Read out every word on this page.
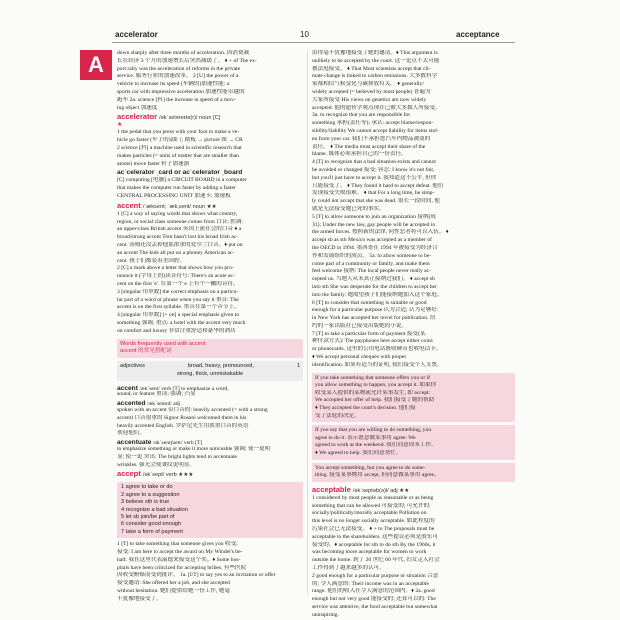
accelerator	10	acceptance
A	down sharply after three months of acceleration. 因消费减
长在经济 3 个月的加速增长后突然减缓了。 ♦ + of The ex-
port rally was the acceleration of reforms in the private
service. 服务行业的加速改革。 2 [U] the power of a
vehicle to increase its speed (车辆的)加速性能: a
sports car with impressive acceleration 加速性能卓越的
跑车 2a. science [科] the increase in speed of a mov-
ing object 加速度
accelerator /əkˈseləreɪtə(r)/ noun [C]
★
1 the pedal that you press with your foot to make a ve-
hicle go faster (车子的)油门; 踏板 → picture 图 → CR
2 science [科] a machine used in scientific research that
makes particles (= units of matter that are smaller than
atoms) move faster 粒子加速器
acˈcelerator ˌcard or acˈcelerator ˌboard
[C] computing [电脑] a CIRCUIT BOARD in a computer
that makes the computer run faster by adding a faster
CENTRAL PROCESSING UNIT 加速卡; 加速板
accent /ˈæksent; ˈæk,sent/ noun ★★
1 [C] a way of saying words that shows what country,
region, or social class someone comes from 口音; 腔调:
an upper-class British accent 英国上流社会的口音 ♦ a
broad/strong accent Tom hasn't lost his broad Irish ac-
cent. 汤姆还没丢掉他那浓重的爱尔兰口音。♦ put on
an accent The kids all put on a phoney American ac-
cent. 孩子们都装着美国腔。
2 [C] a mark above a letter that shows how you pro-
nounce it (字母上的)读音符号: There's an acute ac-
cent on the first 'e'. 在第一个 e 上有个一撇的音符。
3 [singular 用单数] the correct emphasis on a particu-
lar part of a word or phrase when you say it 重音: The
accent is on the first syllable. 重音在第一个音节上。
4 [singular 用单数] [+ on] a special emphasis given to
something 强调; 重点: a hotel with the accent very much
on comfort and luxury 非常注重舒适和豪华的酒店
Words frequently used with accent
accent 的常见搭配词
adjectives	broad, heavy, pronounced,	1
strong, thick, unmistakable
accent /ækˈsent/ verb [T] to emphasize a word,
sound, or feature 重读; 强调; 凸显
accented /ækˈsentɪd/ adj
spoken with an accent 带口音的: heavily accented (= with a strong
accent) 口音很重的 Signor Rosani welcomed them in his
heavily accented English. 罗萨尼先生用浓重口音的英语
欢迎他们。
accentuate /əkˈsentʃueɪt/ verb [T]
to emphasize something or make it more noticeable 强调; 使一更明
显; 使一更 突出: The bright lights tend to accentuate
wrinkles. 强光会使皱纹更明显。
accept /əkˈsept/ verb ★★★
1 agree to take or do
2 agree to a suggestion
3 believe sth is true
4 recognize a bad situation
5 let sb join/be part of
6 consider good enough
7 take a form of payment
1 [T] to take something that someone gives you 收受;
接受: I am here to accept the award on My Windel's be-
half. 我在这里代表温德来接受这个奖。♦ Some hos-
pitals have been criticized for accepting bribes. 有些医院
因收受贿赂而受到批评。 1a. [I/T] to say yes to an invitation or offer
接受邀请: She offered her a job, and she accepted
without hesitation. 她们提供给她一份工作, 她毫
不犹豫地接受了。
由得毫不犹豫地接受了她的邀请。♦ This argument is
unlikely to be accepted by the court. 这一论点不太可能
被法庭接受。 ♦ That Most scientists accept that cli-
mate change is linked to carbon emissions. 大多数科学
家都相信气候变化与碳排放有关。 ♦ generally/
widely accepted (= believed by most people) 普遍为
大家所接受 His views on genetics are now widely
accepted. 他的遗传学观点现在已被大多数人所接受。
3a. to recognize that you are responsible for
something 承担(责任等); 承认: accept blame/respon-
sibility/liability We cannot accept liability for items stol-
en from your car. 我们不承担您汽车内物品被盗的
责任。 ♦ The media must accept their share of the
blame. 媒体必须承担自己的一份责任。
4 [T] to recognize that a bad situation exists and cannot
be avoided or changed 接受; 容忍: I know it's not fair,
but you'll just have to accept it. 我知道这不公平, 但你
只能接受了。 ♦ They found it hard to accept defeat. 他们
发现接受失败很难。 ♦ that For a long time, he simp-
ly could not accept that she was dead. 很长一段时间, 他
就是无法接受她已死的事实。
5 [T] to allow someone to join an organization 接纳(成
员); Under the new law, gay people will be accepted in
the armed forces. 按照新的法律, 同性恋者将可以入伍。 ♦
accept sb as sth Mexico was accepted as a member of
the OECD in 1994. 墨西哥在 1994 年被接受为经济合
作和发展组织的成员。 5a. to allow someone to be-
come part of a community or family, and make them
feel welcome 接纳: The local people never really ac-
cepted us. 当地人从未真正接纳过我们。 ♦ accept sb
into sth She was desperate for the children to accept her
into the family. 她渴望孩子们能接纳她加入这个家庭。
6 [T] to consider that something is suitable or good
enough for a particular purpose 认为合适; 认为足够好:
in New York has accepted her novel for publication. 纽
约的一家出版社已接受出版她的小说。
7 [T] to take a particular form of payment 接受(某
种付款方式): The payphones here accept either coins
or phonecards. 这里的公用电话既收硬币也收电话卡。
♦ We accept personal cheques with proper
identification. 如果有适当的证明, 我们接受个人支票。
If you take something that someone offers you or if
you allow something to happen, you accept it. 如果你
收受某人提供的某物或允许某事发生, 即 accept:
We accepted her offer of help. 我们接受了她的帮助
♦ They accepted the court's decision. 他们接
受了法庭的决定。
If you say that you are willing to do something, you
agree to do it. 表示愿意做某事用 agree: We
agreed to work at the weekend. 我们同意周末工作。
♦ We agreed to help. 我们同意帮忙。
You accept something, but you agree to do some-
thing. 接受某事物用 accept, 但同意做某事用 agree。
acceptable /əkˈseptəb(ə)l/ adj ★★
1 considered by most people as reasonable or as being
something that can be allowed 可接受的; 可允许的:
socially/politically/morally acceptable Pollution on
this level is no longer socially acceptable. 如此程度的
污染社会已无法接受。 ♦ + to The proposals must be
acceptable to the shareholders. 这些提议必须是股东可
接受的。♦ acceptable for sth to do sth By the 1960s, it
was becoming more acceptable for women to work
outside the home. 到了 20 世纪 60 年代, 妇女走入社会
工作得到了越来越多的认可。
2 good enough for a particular purpose or situation 合意
的; 令人满意的: Their income was in an acceptable
range. 他们的收入在令人满意的范围内。♦ 2a. good
enough but not very good 能接受的; 还算可以的: The
service was attentive, the food acceptable but somewhat
uninspiring.
